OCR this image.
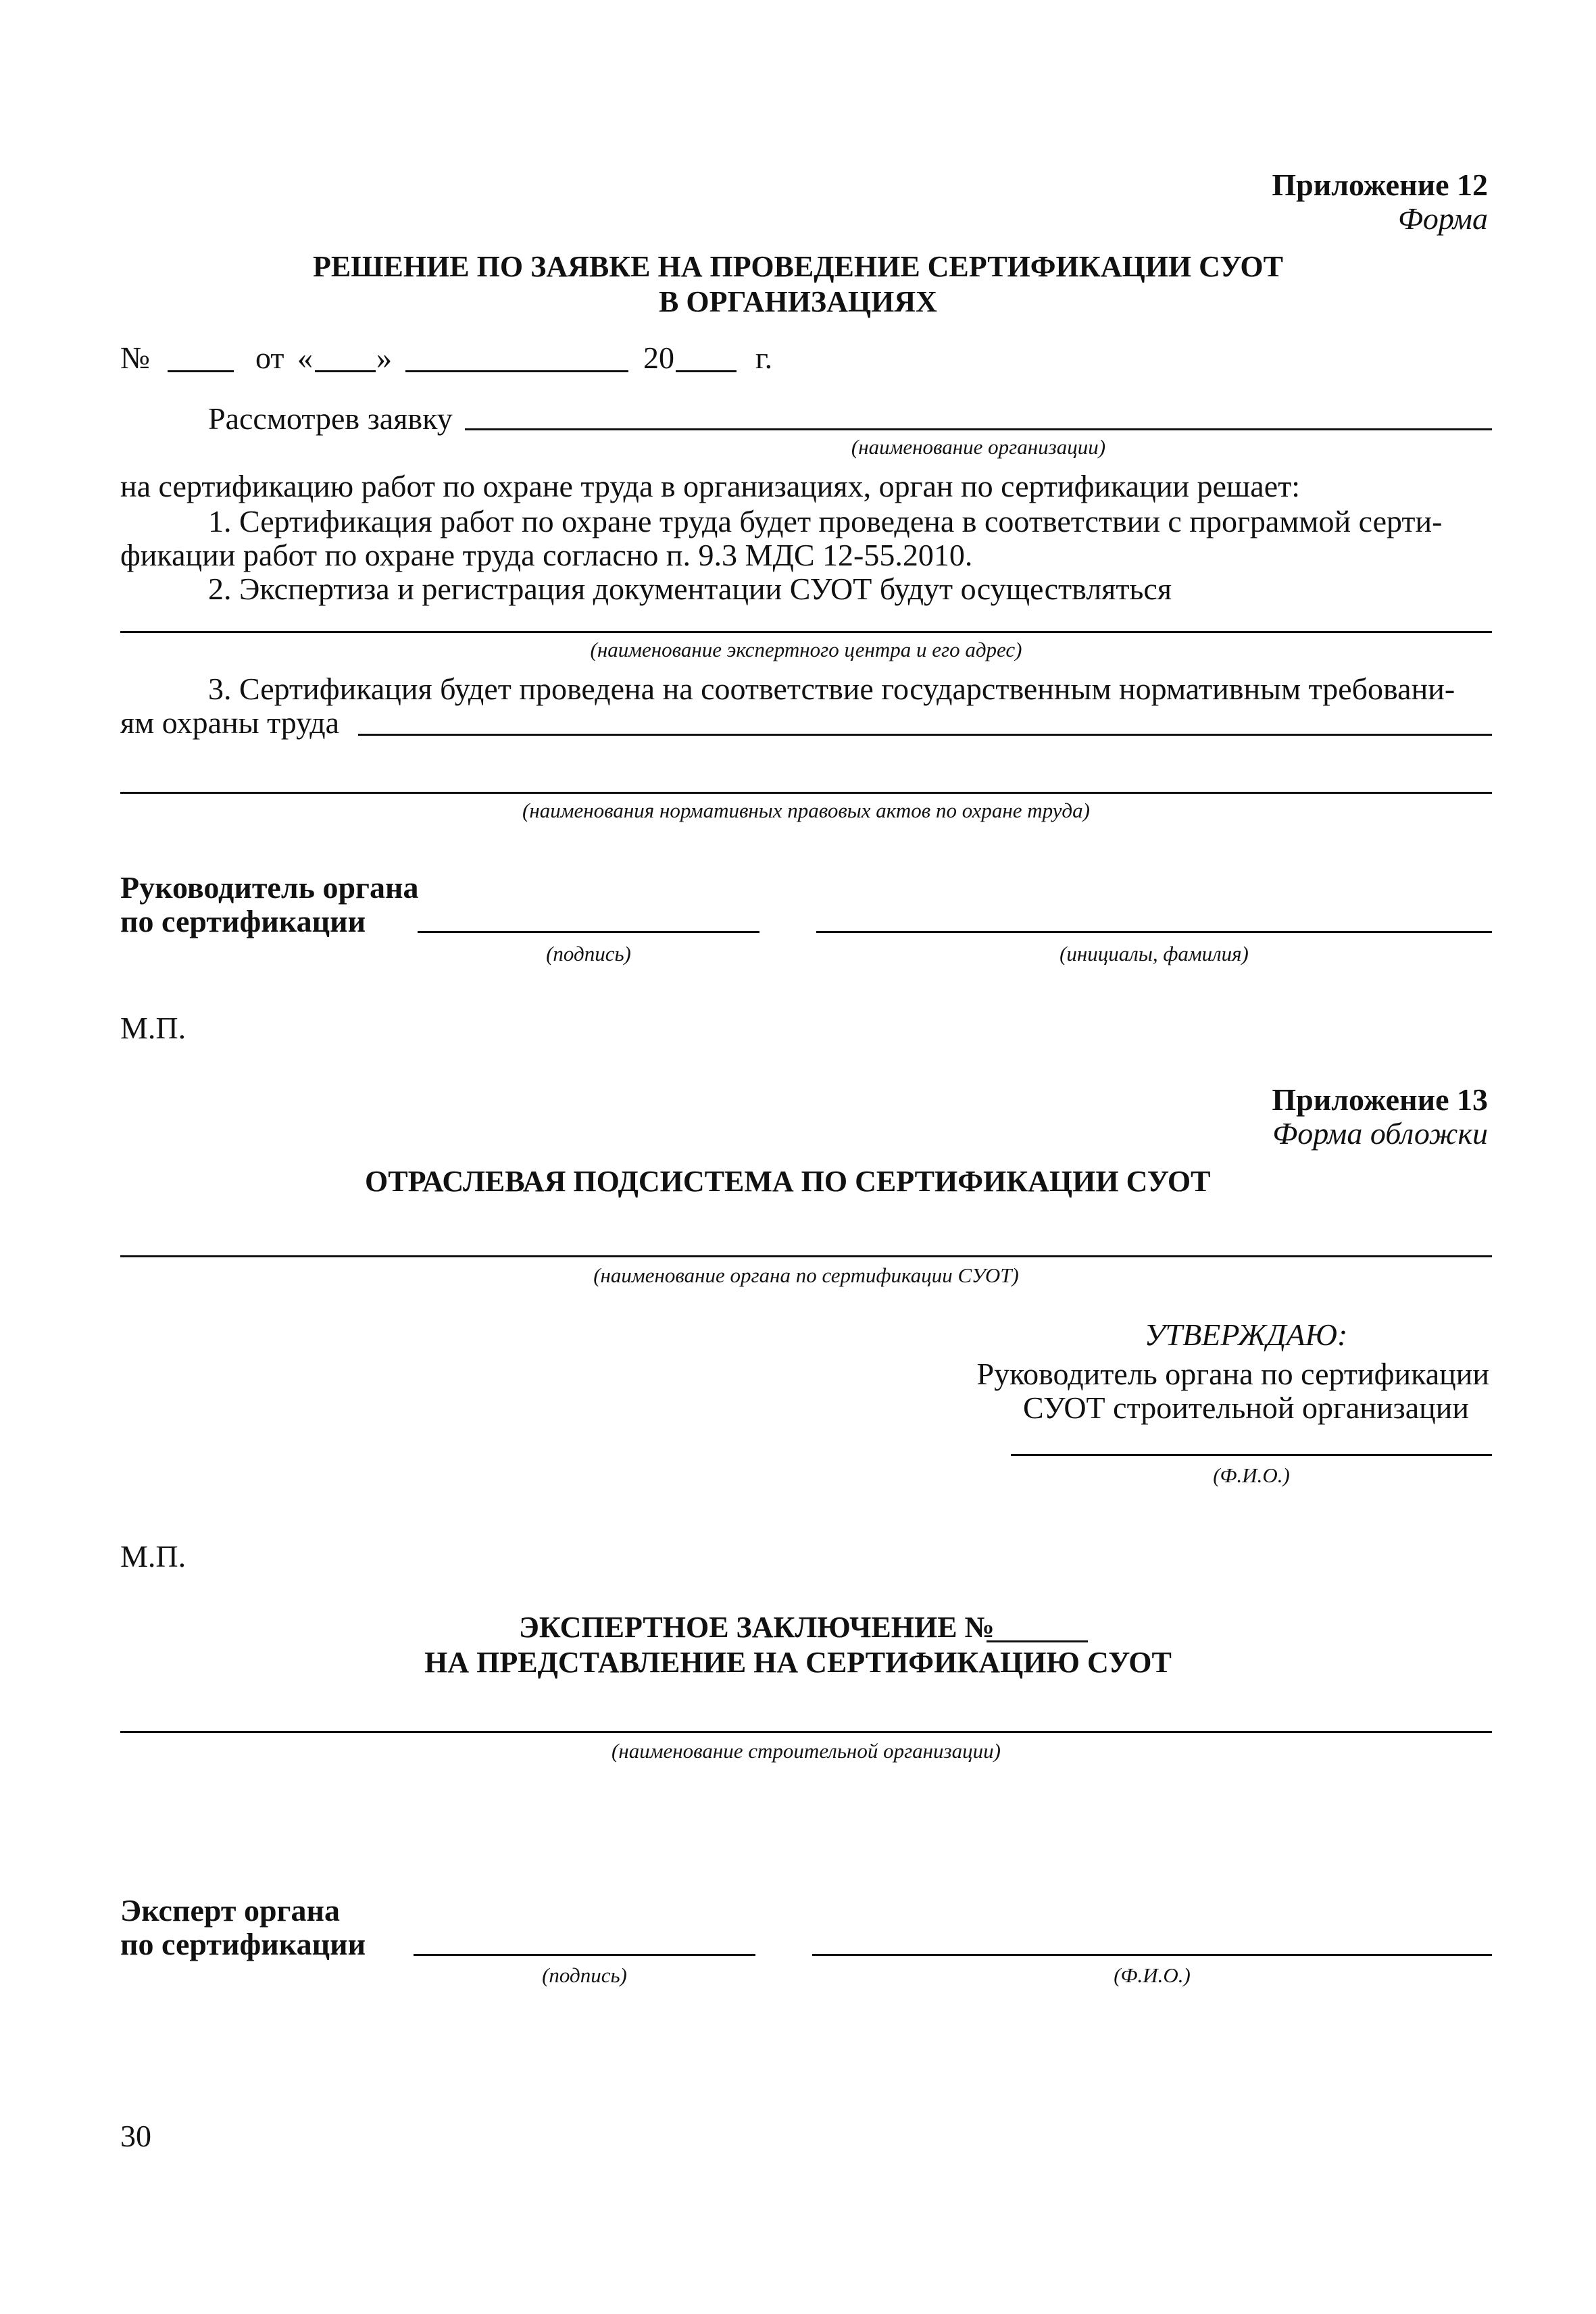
Приложение 12
Форма
РЕШЕНИЕ ПО ЗАЯВКЕ НА ПРОВЕДЕНИЕ СЕРТИФИКАЦИИ СУОТ
В ОРГАНИЗАЦИЯХ
№	от « »	20	г.
Рассмотрев заявку
(наименование организации)
на сертификацию работ по охране труда в организациях, орган по сертификации решает:
1. Сертификация работ по охране труда будет проведена в соответствии с программой серти-
фикации работ по охране труда согласно п. 9.3 МДС 12-55.2010.
2. Экспертиза и регистрация документации СУОТ будут осуществляться
(наименование экспертного центра и его адрес)
3. Сертификация будет проведена на соответствие государственным нормативным требовани-
ям охраны труда
(наименования нормативных правовых актов по охране труда)
Руководитель органа
по сертификации
(подпись)	(инициалы, фамилия)
М.П.
Приложение 13
Форма обложки
ОТРАСЛЕВАЯ ПОДСИСТЕМА ПО СЕРТИФИКАЦИИ СУОТ
(наименование органа по сертификации СУОТ)
УТВЕРЖДАЮ:
Руководитель органа по сертификации
СУОТ строительной организации
(Ф.И.О.)
М.П.
ЭКСПЕРТНОЕ ЗАКЛЮЧЕНИЕ №
НА ПРЕДСТАВЛЕНИЕ НА СЕРТИФИКАЦИЮ СУОТ
(наименование строительной организации)
Эксперт органа
по сертификации
(подпись)	(Ф.И.О.)
30
